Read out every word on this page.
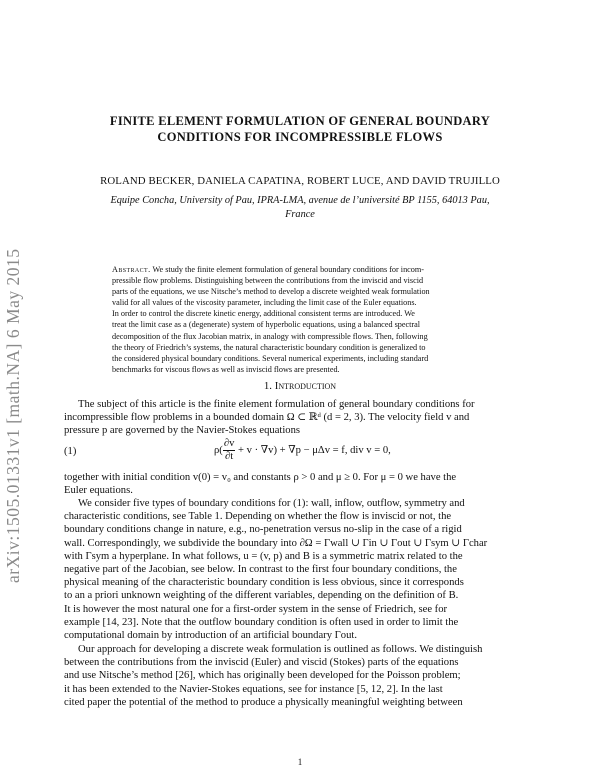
arXiv:1505.01331v1 [math.NA] 6 May 2015
FINITE ELEMENT FORMULATION OF GENERAL BOUNDARY
CONDITIONS FOR INCOMPRESSIBLE FLOWS
ROLAND BECKER, DANIELA CAPATINA, ROBERT LUCE, AND DAVID TRUJILLO
Equipe Concha, University of Pau, IPRA-LMA, avenue de l’université BP 1155, 64013 Pau,
France
Abstract. We study the finite element formulation of general boundary conditions for incom-
pressible flow problems. Distinguishing between the contributions from the inviscid and viscid
parts of the equations, we use Nitsche’s method to develop a discrete weighted weak formulation
valid for all values of the viscosity parameter, including the limit case of the Euler equations.
In order to control the discrete kinetic energy, additional consistent terms are introduced. We
treat the limit case as a (degenerate) system of hyperbolic equations, using a balanced spectral
decomposition of the flux Jacobian matrix, in analogy with compressible flows. Then, following
the theory of Friedrich’s systems, the natural characteristic boundary condition is generalized to
the considered physical boundary conditions. Several numerical experiments, including standard
benchmarks for viscous flows as well as inviscid flows are presented.
1. Introduction
The subject of this article is the finite element formulation of general boundary conditions for
incompressible flow problems in a bounded domain Ω ⊂ ℝᵈ (d = 2, 3). The velocity field v and
pressure p are governed by the Navier-Stokes equations
(1)	$\rho( \frac{\partial v}{\partial t} + v \cdot \nabla v) + \nabla p - \mu\Delta v = f$, div v = 0,
together with initial condition v(0) = v₀ and constants ρ > 0 and μ ≥ 0. For μ = 0 we have the
Euler equations.
We consider five types of boundary conditions for (1): wall, inflow, outflow, symmetry and
characteristic conditions, see Table 1. Depending on whether the flow is inviscid or not, the
boundary conditions change in nature, e.g., no-penetration versus no-slip in the case of a rigid
wall. Correspondingly, we subdivide the boundary into ∂Ω = Γwall ∪ Γin ∪ Γout ∪ Γsym ∪ Γchar
with Γsym a hyperplane. In what follows, u = (v, p) and B is a symmetric matrix related to the
negative part of the Jacobian, see below. In contrast to the first four boundary conditions, the
physical meaning of the characteristic boundary condition is less obvious, since it corresponds
to an a priori unknown weighting of the different variables, depending on the definition of B.
It is however the most natural one for a first-order system in the sense of Friedrich, see for
example [14, 23]. Note that the outflow boundary condition is often used in order to limit the
computational domain by introduction of an artificial boundary Γout.
Our approach for developing a discrete weak formulation is outlined as follows. We distinguish
between the contributions from the inviscid (Euler) and viscid (Stokes) parts of the equations
and use Nitsche’s method [26], which has originally been developed for the Poisson problem;
it has been extended to the Navier-Stokes equations, see for instance [5, 12, 2]. In the last
cited paper the potential of the method to produce a physically meaningful weighting between
1
